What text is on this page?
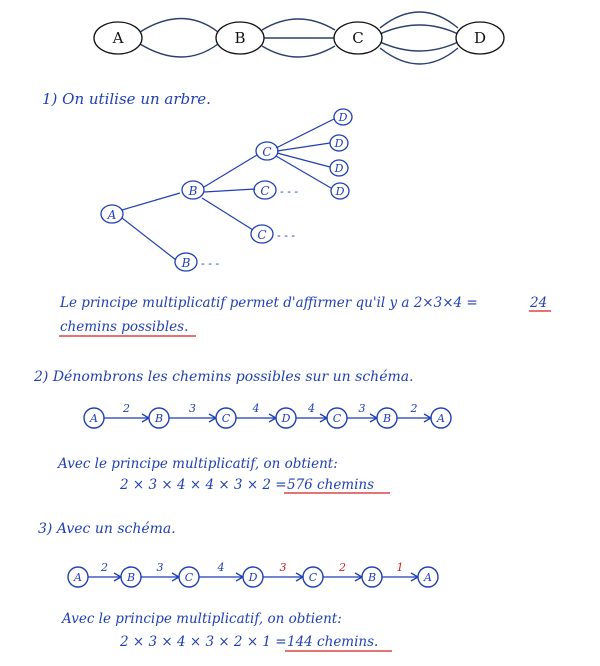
A	B	C	D
1) On utilise un arbre.
A
B
B - - -
C
C - - -
C - - -
D
D
D
D
Le principe multiplicatif permet d'affirmer qu'il y a 2×3×4 =	24
chemins possibles.
2) Dénombrons les chemins possibles sur un schéma.
2	3	4	4	3	2
A	B	C	D	C	B	A
Avec le principe multiplicatif, on obtient:
2 × 3 × 4 × 4 × 3 × 2 = 576 chemins
3) Avec un schéma.
2	3	4	3	2	1
A	B	C	D	C	B	A
Avec le principe multiplicatif, on obtient:
2 × 3 × 4 × 3 × 2 × 1 = 144 chemins.
